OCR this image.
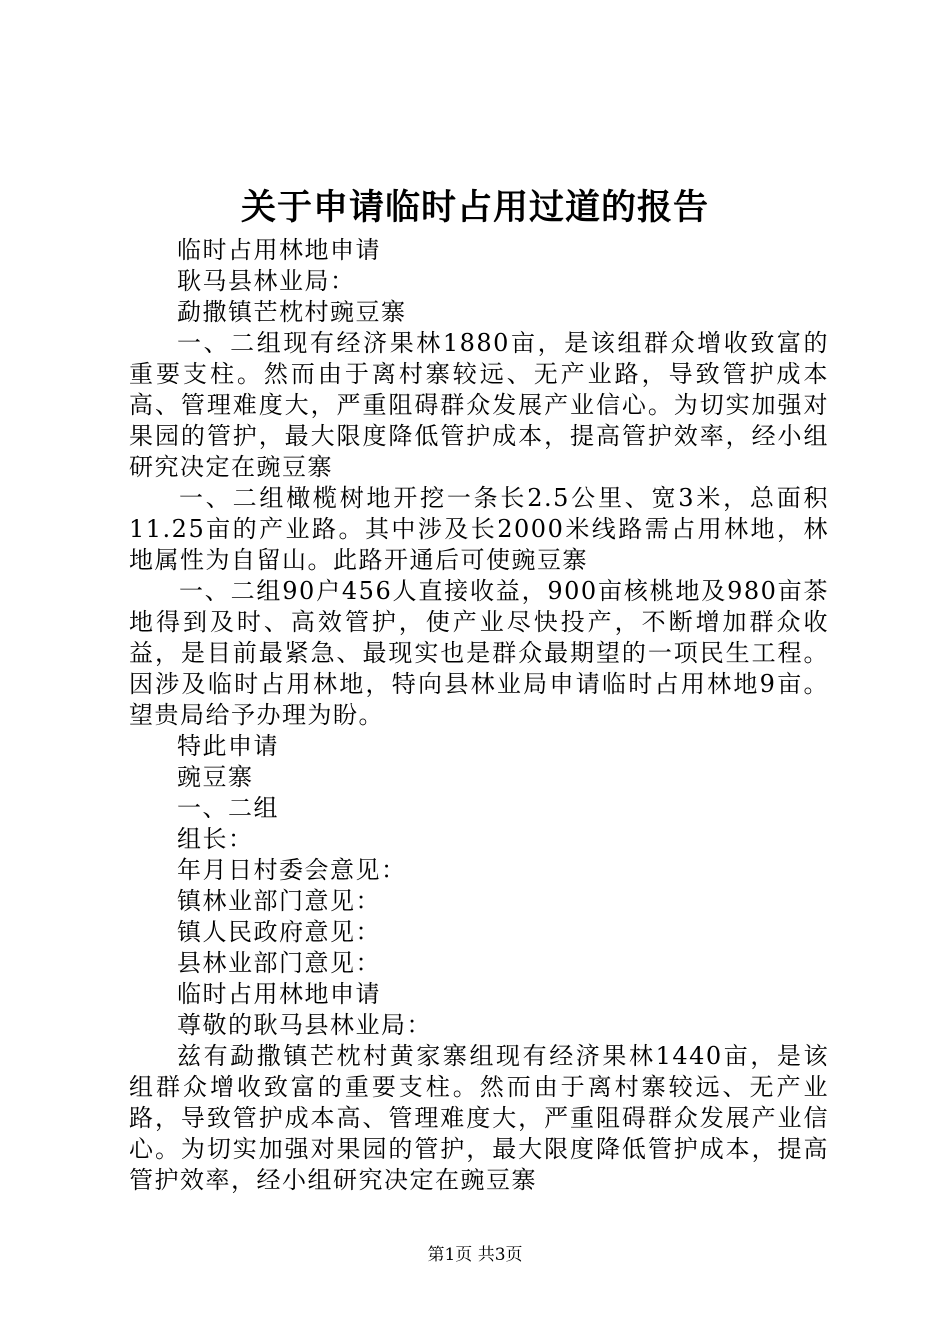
关于申请临时占用过道的报告

临时占用林地申请

耿马县林业局：

勐撒镇芒枕村豌豆寨

一、二组现有经济果林1880亩，是该组群众增收致富的重要支柱。然而由于离村寨较远、无产业路，导致管护成本高、管理难度大，严重阻碍群众发展产业信心。为切实加强对果园的管护，最大限度降低管护成本，提高管护效率，经小组研究决定在豌豆寨

一、二组橄榄树地开挖一条长2.5公里、宽3米，总面积11.25亩的产业路。其中涉及长2000米线路需占用林地，林地属性为自留山。此路开通后可使豌豆寨

一、二组90户456人直接收益，900亩核桃地及980亩茶地得到及时、高效管护，使产业尽快投产，不断增加群众收益，是目前最紧急、最现实也是群众最期望的一项民生工程。因涉及临时占用林地，特向县林业局申请临时占用林地9亩。望贵局给予办理为盼。

特此申请

豌豆寨

一、二组

组长：

年月日村委会意见：

镇林业部门意见：

镇人民政府意见：

县林业部门意见：

临时占用林地申请

尊敬的耿马县林业局：

兹有勐撒镇芒枕村黄家寨组现有经济果林1440亩，是该组群众增收致富的重要支柱。然而由于离村寨较远、无产业路，导致管护成本高、管理难度大，严重阻碍群众发展产业信心。为切实加强对果园的管护，最大限度降低管护成本，提高管护效率，经小组研究决定在豌豆寨

第1页 共3页
